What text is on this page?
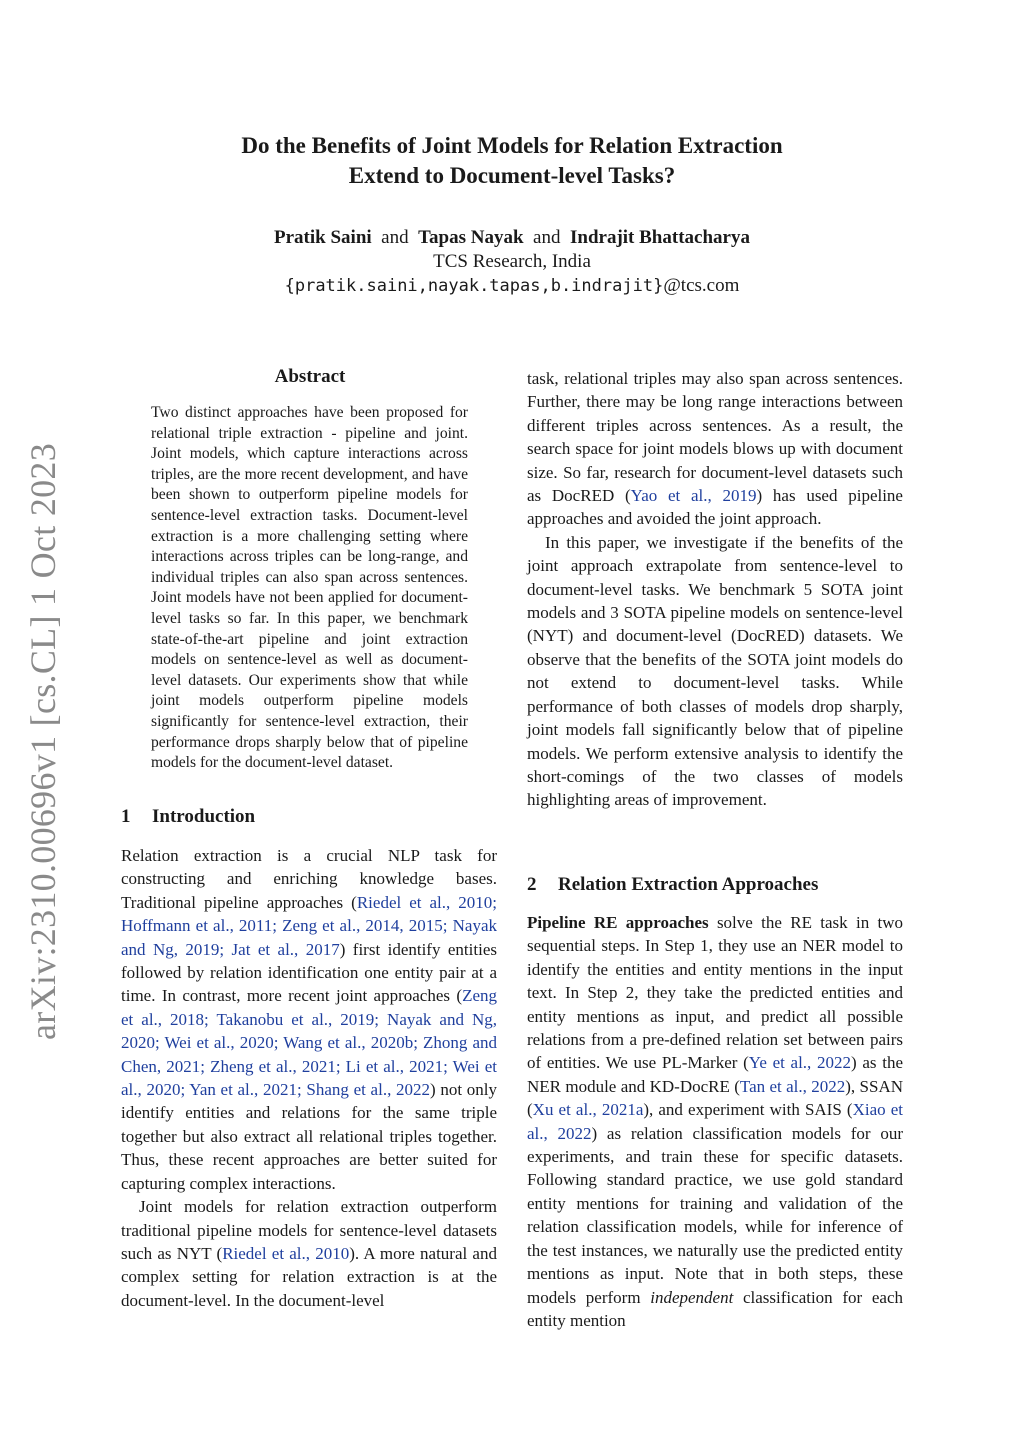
Do the Benefits of Joint Models for Relation Extraction
Extend to Document-level Tasks?
Pratik Saini and Tapas Nayak and Indrajit Bhattacharya
TCS Research, India
{pratik.saini,nayak.tapas,b.indrajit}@tcs.com
arXiv:2310.00696v1 [cs.CL] 1 Oct 2023
Abstract
Two distinct approaches have been proposed for relational triple extraction - pipeline and joint. Joint models, which capture interactions across triples, are the more recent development, and have been shown to outperform pipeline models for sentence-level extraction tasks. Document-level extraction is a more challenging setting where interactions across triples can be long-range, and individual triples can also span across sentences. Joint models have not been applied for document-level tasks so far. In this paper, we benchmark state-of-the-art pipeline and joint extraction models on sentence-level as well as document-level datasets. Our experiments show that while joint models outperform pipeline models significantly for sentence-level extraction, their performance drops sharply below that of pipeline models for the document-level dataset.
1 Introduction

Relation extraction is a crucial NLP task for constructing and enriching knowledge bases. Traditional pipeline approaches (Riedel et al., 2010; Hoffmann et al., 2011; Zeng et al., 2014, 2015; Nayak and Ng, 2019; Jat et al., 2017) first identify entities followed by relation identification one entity pair at a time. In contrast, more recent joint approaches (Zeng et al., 2018; Takanobu et al., 2019; Nayak and Ng, 2020; Wei et al., 2020; Wang et al., 2020b; Zhong and Chen, 2021; Zheng et al., 2021; Li et al., 2021; Wei et al., 2020; Yan et al., 2021; Shang et al., 2022) not only identify entities and relations for the same triple together but also extract all relational triples together. Thus, these recent approaches are better suited for capturing complex interactions.

Joint models for relation extraction outperform traditional pipeline models for sentence-level datasets such as NYT (Riedel et al., 2010). A more natural and complex setting for relation extraction is at the document-level. In the document-level

task, relational triples may also span across sentences. Further, there may be long range interactions between different triples across sentences. As a result, the search space for joint models blows up with document size. So far, research for document-level datasets such as DocRED (Yao et al., 2019) has used pipeline approaches and avoided the joint approach.

In this paper, we investigate if the benefits of the joint approach extrapolate from sentence-level to document-level tasks. We benchmark 5 SOTA joint models and 3 SOTA pipeline models on sentence-level (NYT) and document-level (DocRED) datasets. We observe that the benefits of the SOTA joint models do not extend to document-level tasks. While performance of both classes of models drop sharply, joint models fall significantly below that of pipeline models. We perform extensive analysis to identify the short-comings of the two classes of models highlighting areas of improvement.

2 Relation Extraction Approaches

Pipeline RE approaches solve the RE task in two sequential steps. In Step 1, they use an NER model to identify the entities and entity mentions in the input text. In Step 2, they take the predicted entities and entity mentions as input, and predict all possible relations from a pre-defined relation set between pairs of entities. We use PL-Marker (Ye et al., 2022) as the NER module and KD-DocRE (Tan et al., 2022), SSAN (Xu et al., 2021a), and experiment with SAIS (Xiao et al., 2022) as relation classification models for our experiments, and train these for specific datasets. Following standard practice, we use gold standard entity mentions for training and validation of the relation classification models, while for inference of the test instances, we naturally use the predicted entity mentions as input. Note that in both steps, these models perform independent classification for each entity mention
